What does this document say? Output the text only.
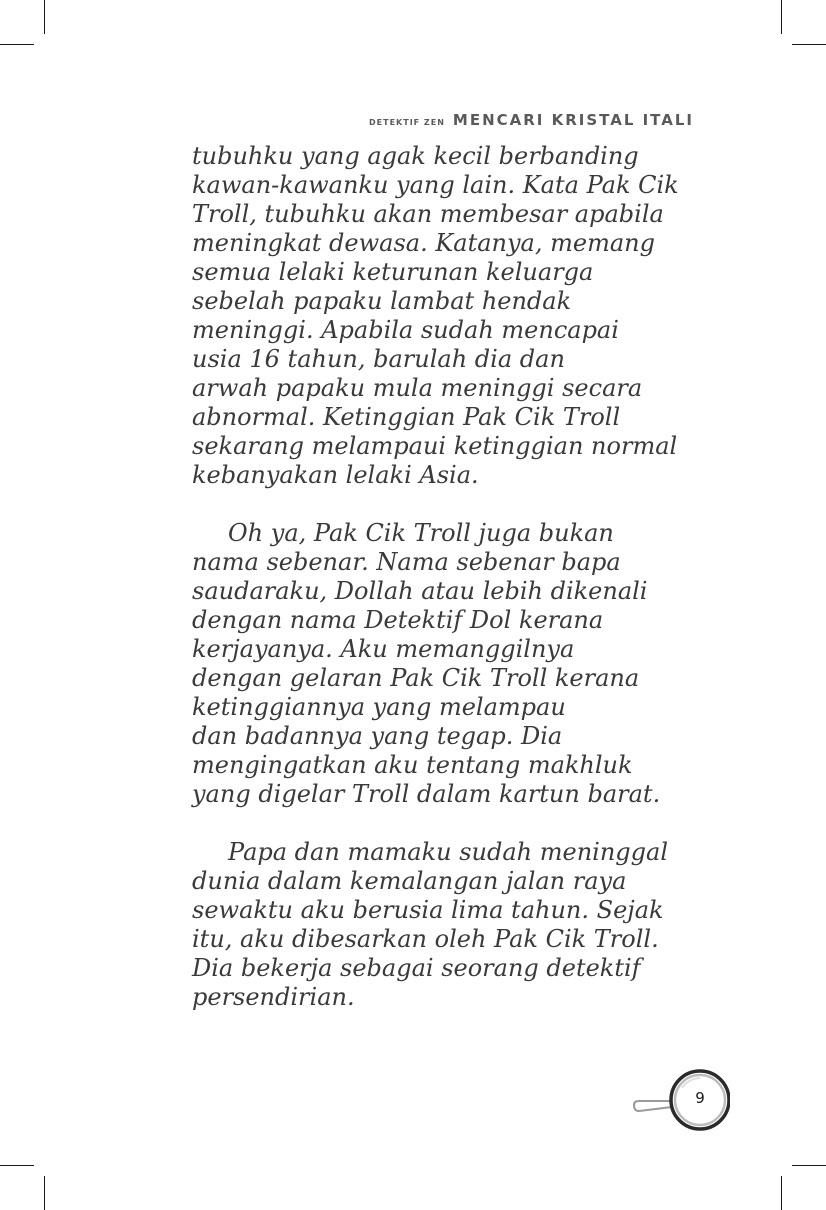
DETEKTIF ZEN MENCARI KRISTAL ITALI

tubuhku yang agak kecil berbanding
kawan-kawanku yang lain. Kata Pak Cik
Troll, tubuhku akan membesar apabila
meningkat dewasa. Katanya, memang
semua lelaki keturunan keluarga
sebelah papaku lambat hendak
meninggi. Apabila sudah mencapai
usia 16 tahun, barulah dia dan
arwah papaku mula meninggi secara
abnormal. Ketinggian Pak Cik Troll
sekarang melampaui ketinggian normal
kebanyakan lelaki Asia.

Oh ya, Pak Cik Troll juga bukan
nama sebenar. Nama sebenar bapa
saudaraku, Dollah atau lebih dikenali
dengan nama Detektif Dol kerana
kerjayanya. Aku memanggilnya
dengan gelaran Pak Cik Troll kerana
ketinggiannya yang melampau
dan badannya yang tegap. Dia
mengingatkan aku tentang makhluk
yang digelar Troll dalam kartun barat.

Papa dan mamaku sudah meninggal
dunia dalam kemalangan jalan raya
sewaktu aku berusia lima tahun. Sejak
itu, aku dibesarkan oleh Pak Cik Troll.
Dia bekerja sebagai seorang detektif
persendirian.

9
